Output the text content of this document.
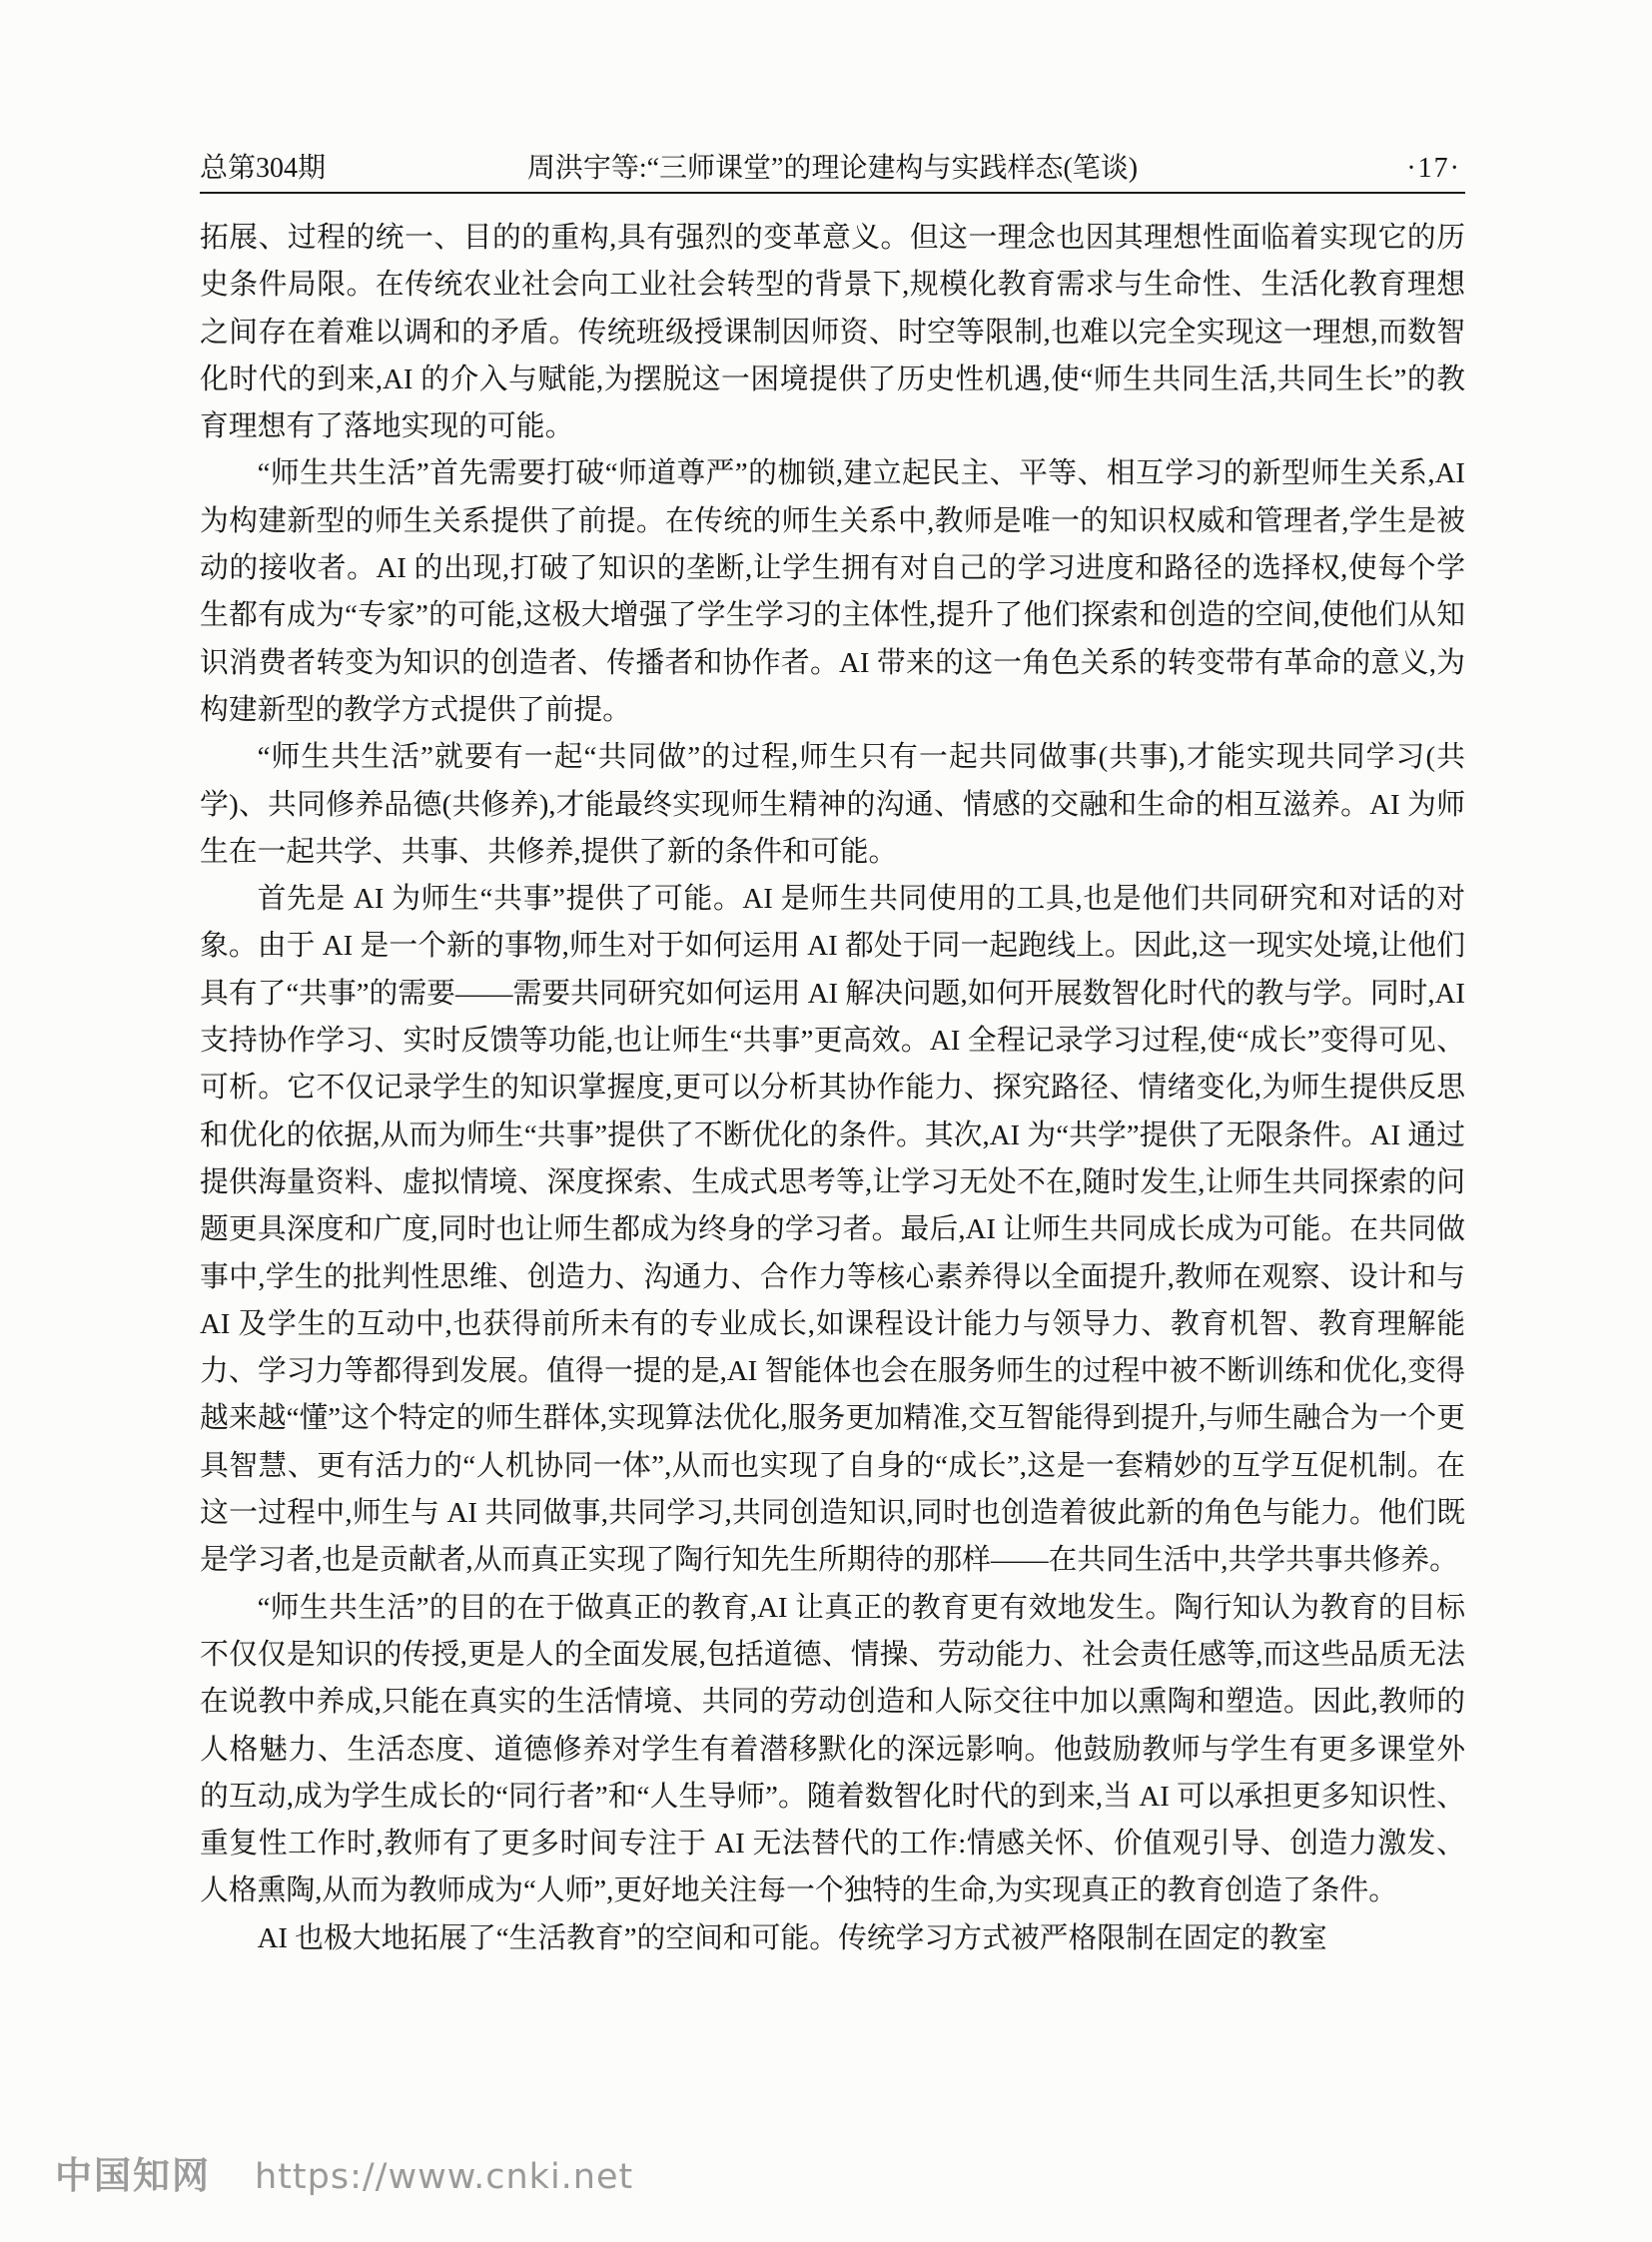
总第304期	周洪宇等:“三师课堂”的理论建构与实践样态(笔谈)	·17·

拓展、过程的统一、目的的重构,具有强烈的变革意义。但这一理念也因其理想性面临着实现它的历史条件局限。在传统农业社会向工业社会转型的背景下,规模化教育需求与生命性、生活化教育理想之间存在着难以调和的矛盾。传统班级授课制因师资、时空等限制,也难以完全实现这一理想,而数智化时代的到来,AI 的介入与赋能,为摆脱这一困境提供了历史性机遇,使“师生共同生活,共同生长”的教育理想有了落地实现的可能。

“师生共生活”首先需要打破“师道尊严”的枷锁,建立起民主、平等、相互学习的新型师生关系,AI 为构建新型的师生关系提供了前提。在传统的师生关系中,教师是唯一的知识权威和管理者,学生是被动的接收者。AI 的出现,打破了知识的垄断,让学生拥有对自己的学习进度和路径的选择权,使每个学生都有成为“专家”的可能,这极大增强了学生学习的主体性,提升了他们探索和创造的空间,使他们从知识消费者转变为知识的创造者、传播者和协作者。AI 带来的这一角色关系的转变带有革命的意义,为构建新型的教学方式提供了前提。

“师生共生活”就要有一起“共同做”的过程,师生只有一起共同做事(共事),才能实现共同学习(共学)、共同修养品德(共修养),才能最终实现师生精神的沟通、情感的交融和生命的相互滋养。AI 为师生在一起共学、共事、共修养,提供了新的条件和可能。

首先是 AI 为师生“共事”提供了可能。AI 是师生共同使用的工具,也是他们共同研究和对话的对象。由于 AI 是一个新的事物,师生对于如何运用 AI 都处于同一起跑线上。因此,这一现实处境,让他们具有了“共事”的需要——需要共同研究如何运用 AI 解决问题,如何开展数智化时代的教与学。同时,AI 支持协作学习、实时反馈等功能,也让师生“共事”更高效。AI 全程记录学习过程,使“成长”变得可见、可析。它不仅记录学生的知识掌握度,更可以分析其协作能力、探究路径、情绪变化,为师生提供反思和优化的依据,从而为师生“共事”提供了不断优化的条件。其次,AI 为“共学”提供了无限条件。AI 通过提供海量资料、虚拟情境、深度探索、生成式思考等,让学习无处不在,随时发生,让师生共同探索的问题更具深度和广度,同时也让师生都成为终身的学习者。最后,AI 让师生共同成长成为可能。在共同做事中,学生的批判性思维、创造力、沟通力、合作力等核心素养得以全面提升,教师在观察、设计和与 AI 及学生的互动中,也获得前所未有的专业成长,如课程设计能力与领导力、教育机智、教育理解能力、学习力等都得到发展。值得一提的是,AI 智能体也会在服务师生的过程中被不断训练和优化,变得越来越“懂”这个特定的师生群体,实现算法优化,服务更加精准,交互智能得到提升,与师生融合为一个更具智慧、更有活力的“人机协同一体”,从而也实现了自身的“成长”,这是一套精妙的互学互促机制。在这一过程中,师生与 AI 共同做事,共同学习,共同创造知识,同时也创造着彼此新的角色与能力。他们既是学习者,也是贡献者,从而真正实现了陶行知先生所期待的那样——在共同生活中,共学共事共修养。

“师生共生活”的目的在于做真正的教育,AI 让真正的教育更有效地发生。陶行知认为教育的目标不仅仅是知识的传授,更是人的全面发展,包括道德、情操、劳动能力、社会责任感等,而这些品质无法在说教中养成,只能在真实的生活情境、共同的劳动创造和人际交往中加以熏陶和塑造。因此,教师的人格魅力、生活态度、道德修养对学生有着潜移默化的深远影响。他鼓励教师与学生有更多课堂外的互动,成为学生成长的“同行者”和“人生导师”。随着数智化时代的到来,当 AI 可以承担更多知识性、重复性工作时,教师有了更多时间专注于 AI 无法替代的工作:情感关怀、价值观引导、创造力激发、人格熏陶,从而为教师成为“人师”,更好地关注每一个独特的生命,为实现真正的教育创造了条件。

AI 也极大地拓展了“生活教育”的空间和可能。传统学习方式被严格限制在固定的教室

中国知网 https://www.cnki.net
